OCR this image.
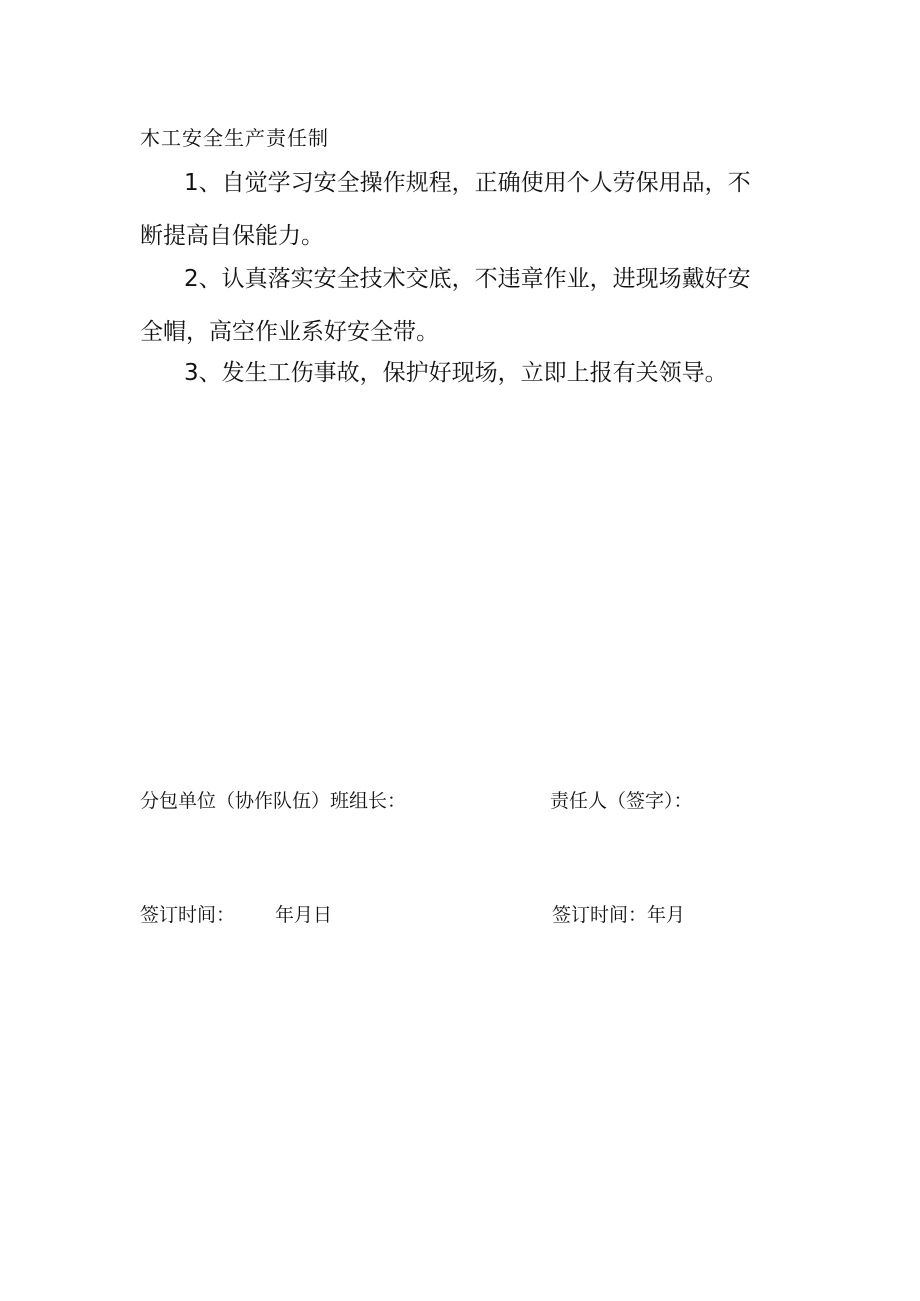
木工安全生产责任制
1、自觉学习安全操作规程，正确使用个人劳保用品，不断提高自保能力。
2、认真落实安全技术交底，不违章作业，进现场戴好安全帽，高空作业系好安全带。
3、发生工伤事故，保护好现场，立即上报有关领导。
分包单位（协作队伍）班组长：	责任人（签字）：
签订时间： 年月日	签订时间：年月
